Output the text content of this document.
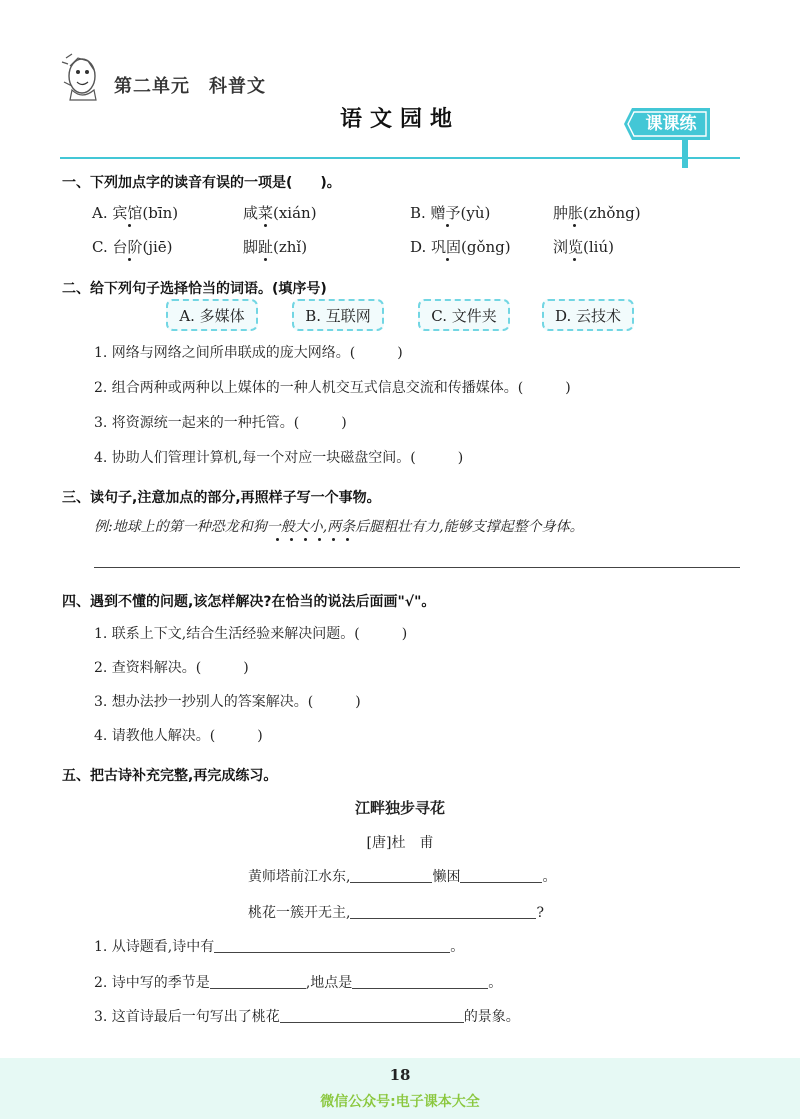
第二单元　科普文
语文园地	课课练
一、下列加点字的读音有误的一项是(　　)。
A. 宾馆(bīn)	咸菜(xián)	B. 赠予(yù)	肿胀(zhǒng)
C. 台阶(jiē)	脚趾(zhǐ)	D. 巩固(gǒng)	浏览(liú)
二、给下列句子选择恰当的词语。(填序号)
A. 多媒体	B. 互联网	C. 文件夹	D. 云技术
1. 网络与网络之间所串联成的庞大网络。(　　　)
2. 组合两种或两种以上媒体的一种人机交互式信息交流和传播媒体。(　　　)
3. 将资源统一起来的一种托管。(　　　)
4. 协助人们管理计算机,每一个对应一块磁盘空间。(　　　)
三、读句子,注意加点的部分,再照样子写一个事物。
例:地球上的第一种恐龙和狗一般大小,两条后腿粗壮有力,能够支撑起整个身体。
四、遇到不懂的问题,该怎样解决?在恰当的说法后面画"√"。
1. 联系上下文,结合生活经验来解决问题。(　　　)
2. 查资料解决。(　　　)
3. 想办法抄一抄别人的答案解决。(　　　)
4. 请教他人解决。(　　　)
五、把古诗补充完整,再完成练习。
江畔独步寻花
[唐]杜　甫
黄师塔前江水东,	懒困	。
桃花一簇开无主,	?
1. 从诗题看,诗中有	。
2. 诗中写的季节是	,地点是	。
3. 这首诗最后一句写出了桃花	的景象。
18
微信公众号:电子课本大全
